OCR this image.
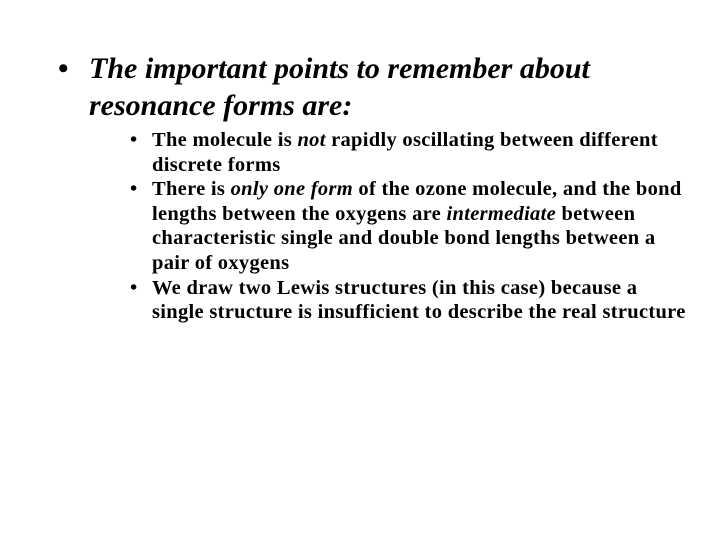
• The important points to remember about resonance forms are:
• The molecule is not rapidly oscillating between different discrete forms
• There is only one form of the ozone molecule, and the bond lengths between the oxygens are intermediate between characteristic single and double bond lengths between a pair of oxygens
• We draw two Lewis structures (in this case) because a single structure is insufficient to describe the real structure
